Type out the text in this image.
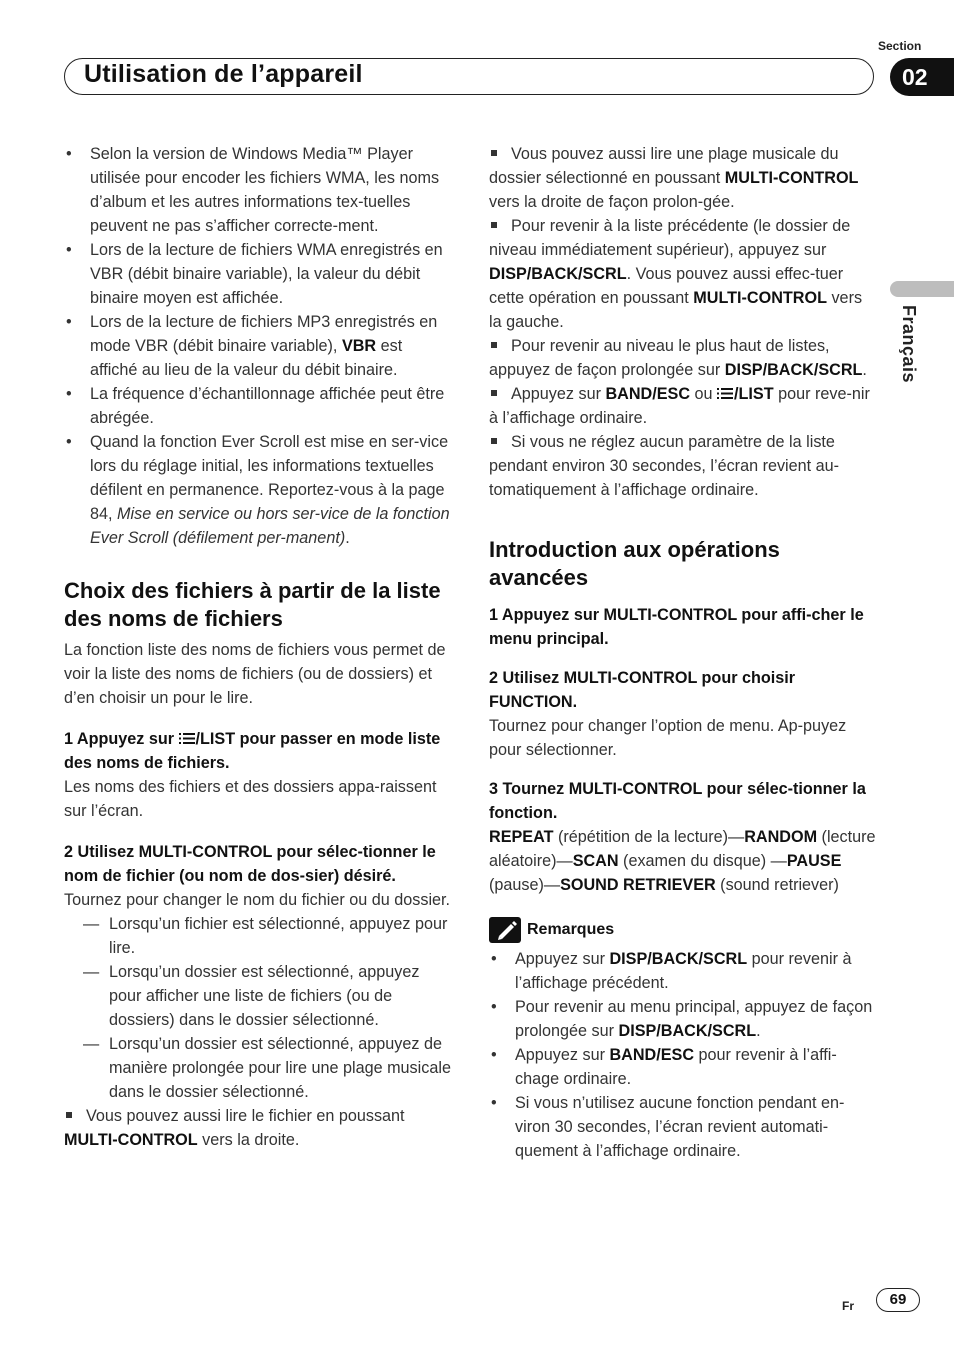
Section
Utilisation de l’appareil	02
Français
• Selon la version de Windows Media™ Player utilisée pour encoder les fichiers WMA, les noms d’album et les autres informations tex-tuelles peuvent ne pas s’afficher correcte-ment.
• Lors de la lecture de fichiers WMA enregistrés en VBR (débit binaire variable), la valeur du débit binaire moyen est affichée.
• Lors de la lecture de fichiers MP3 enregistrés en mode VBR (débit binaire variable), VBR est affiché au lieu de la valeur du débit binaire.
• La fréquence d’échantillonnage affichée peut être abrégée.
• Quand la fonction Ever Scroll est mise en ser-vice lors du réglage initial, les informations textuelles défilent en permanence. Reportez-vous à la page 84, Mise en service ou hors ser-vice de la fonction Ever Scroll (défilement per-manent).
Choix des fichiers à partir de la liste des noms de fichiers

La fonction liste des noms de fichiers vous permet de voir la liste des noms de fichiers (ou de dossiers) et d’en choisir un pour le lire.

1 Appuyez sur /LIST pour passer en mode liste des noms de fichiers.

Les noms des fichiers et des dossiers appa-raissent sur l’écran.

2 Utilisez MULTI-CONTROL pour sélec-tionner le nom de fichier (ou nom de dos-sier) désiré.

Tournez pour changer le nom du fichier ou du dossier.

— Lorsqu’un fichier est sélectionné, appuyez pour lire.
— Lorsqu’un dossier est sélectionné, appuyez pour afficher une liste de fichiers (ou de dossiers) dans le dossier sélectionné.
— Lorsqu’un dossier est sélectionné, appuyez de manière prolongée pour lire une plage musicale dans le dossier sélectionné.

Vous pouvez aussi lire le fichier en poussant MULTI-CONTROL vers la droite.

Vous pouvez aussi lire une plage musicale du dossier sélectionné en poussant MULTI-CONTROL vers la droite de façon prolon-gée.

Pour revenir à la liste précédente (le dossier de niveau immédiatement supérieur), appuyez sur DISP/BACK/SCRL. Vous pouvez aussi effec-tuer cette opération en poussant MULTI-CONTROL vers la gauche.

Pour revenir au niveau le plus haut de listes, appuyez de façon prolongée sur DISP/BACK/SCRL.

Appuyez sur BAND/ESC ou /LIST pour reve-nir à l’affichage ordinaire.

Si vous ne réglez aucun paramètre de la liste pendant environ 30 secondes, l’écran revient au-tomatiquement à l’affichage ordinaire.

Introduction aux opérations avancées

1 Appuyez sur MULTI-CONTROL pour affi-cher le menu principal.

2 Utilisez MULTI-CONTROL pour choisir FUNCTION.

Tournez pour changer l’option de menu. Ap-puyez pour sélectionner.

3 Tournez MULTI-CONTROL pour sélec-tionner la fonction.

REPEAT (répétition de la lecture)—RANDOM (lecture aléatoire)—SCAN (examen du disque) —PAUSE (pause)—SOUND RETRIEVER (sound retriever)

Remarques
• Appuyez sur DISP/BACK/SCRL pour revenir à l’affichage précédent.
• Pour revenir au menu principal, appuyez de façon prolongée sur DISP/BACK/SCRL.
• Appuyez sur BAND/ESC pour revenir à l’affi-chage ordinaire.
• Si vous n’utilisez aucune fonction pendant en-viron 30 secondes, l’écran revient automati-quement à l’affichage ordinaire.
Fr	69
